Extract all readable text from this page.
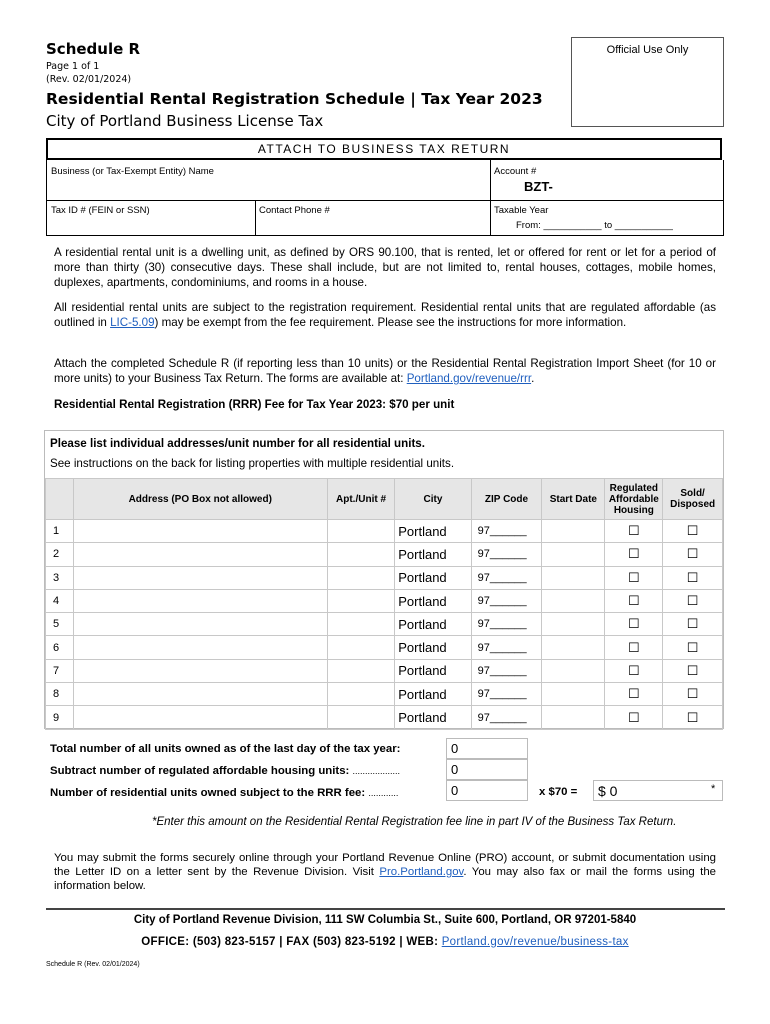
Schedule R
Page 1 of 1
(Rev. 02/01/2024)
Official Use Only
Residential Rental Registration Schedule | Tax Year 2023
City of Portland Business License Tax
ATTACH TO BUSINESS TAX RETURN
Business (or Tax-Exempt Entity) Name	Account #
BZT-
Tax ID # (FEIN or SSN)	Contact Phone #	Taxable Year
From: ___________ to ___________
A residential rental unit is a dwelling unit, as defined by ORS 90.100, that is rented, let or offered for rent or let for a period of more than thirty (30) consecutive days. These shall include, but are not limited to, rental houses, cottages, mobile homes, duplexes, apartments, condominiums, and rooms in a house.
All residential rental units are subject to the registration requirement. Residential rental units that are regulated affordable (as outlined in LIC-5.09) may be exempt from the fee requirement. Please see the instructions for more information.
Attach the completed Schedule R (if reporting less than 10 units) or the Residential Rental Registration Import Sheet (for 10 or more units) to your Business Tax Return. The forms are available at: Portland.gov/revenue/rrr.
Residential Rental Registration (RRR) Fee for Tax Year 2023: $70 per unit
Please list individual addresses/unit number for all residential units.
See instructions on the back for listing properties with multiple residential units.
	Address (PO Box not allowed)	Apt./Unit #	City	ZIP Code	Start Date	Regulated Affordable Housing	Sold/ Disposed
1			Portland	97______		☐	☐
2			Portland	97______		☐	☐
3			Portland	97______		☐	☐
4			Portland	97______		☐	☐
5			Portland	97______		☐	☐
6			Portland	97______		☐	☐
7			Portland	97______		☐	☐
8			Portland	97______		☐	☐
9			Portland	97______		☐	☐
Total number of all units owned as of the last day of the tax year:	0
Subtract number of regulated affordable housing units: ...................	0
Number of residential units owned subject to the RRR fee: ............	0	x $70 =	$ 0	*
*Enter this amount on the Residential Rental Registration fee line in part IV of the Business Tax Return.
You may submit the forms securely online through your Portland Revenue Online (PRO) account, or submit documentation using the Letter ID on a letter sent by the Revenue Division. Visit Pro.Portland.gov. You may also fax or mail the forms using the information below.
City of Portland Revenue Division, 111 SW Columbia St., Suite 600, Portland, OR 97201-5840
OFFICE: (503) 823-5157 | FAX (503) 823-5192 | WEB: Portland.gov/revenue/business-tax
Schedule R (Rev. 02/01/2024)
